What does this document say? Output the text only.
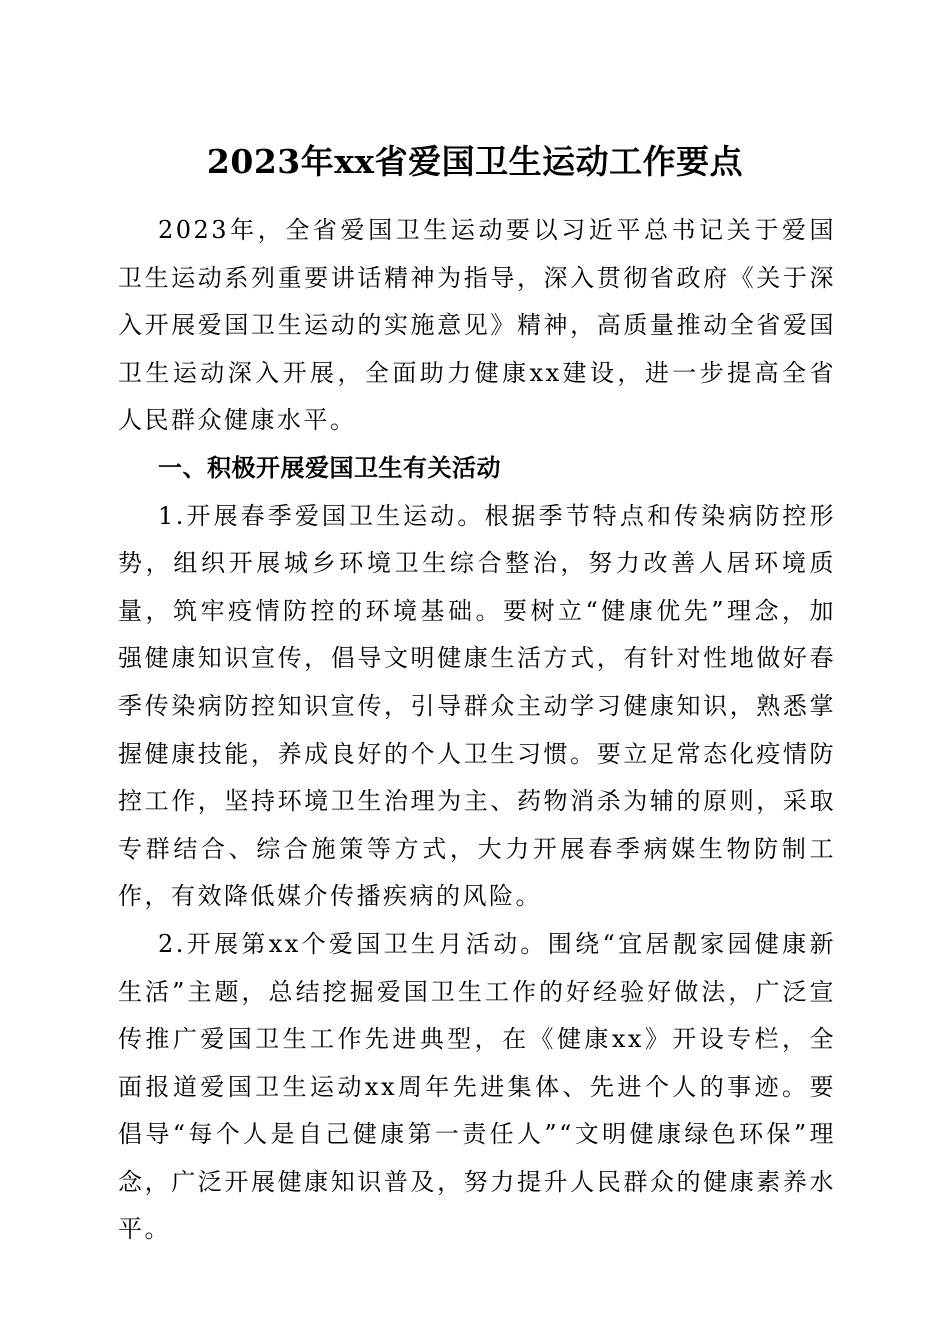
2023年xx省爱国卫生运动工作要点

2023年，全省爱国卫生运动要以习近平总书记关于爱国卫生运动系列重要讲话精神为指导，深入贯彻省政府《关于深入开展爱国卫生运动的实施意见》精神，高质量推动全省爱国卫生运动深入开展，全面助力健康xx建设，进一步提高全省人民群众健康水平。

一、积极开展爱国卫生有关活动

1.开展春季爱国卫生运动。根据季节特点和传染病防控形势，组织开展城乡环境卫生综合整治，努力改善人居环境质量，筑牢疫情防控的环境基础。要树立“健康优先”理念，加强健康知识宣传，倡导文明健康生活方式，有针对性地做好春季传染病防控知识宣传，引导群众主动学习健康知识，熟悉掌握健康技能，养成良好的个人卫生习惯。要立足常态化疫情防控工作，坚持环境卫生治理为主、药物消杀为辅的原则，采取专群结合、综合施策等方式，大力开展春季病媒生物防制工作，有效降低媒介传播疾病的风险。

2.开展第xx个爱国卫生月活动。围绕“宜居靓家园健康新生活”主题，总结挖掘爱国卫生工作的好经验好做法，广泛宣传推广爱国卫生工作先进典型，在《健康xx》开设专栏，全面报道爱国卫生运动xx周年先进集体、先进个人的事迹。要倡导“每个人是自己健康第一责任人”“文明健康绿色环保”理念，广泛开展健康知识普及，努力提升人民群众的健康素养水平。
